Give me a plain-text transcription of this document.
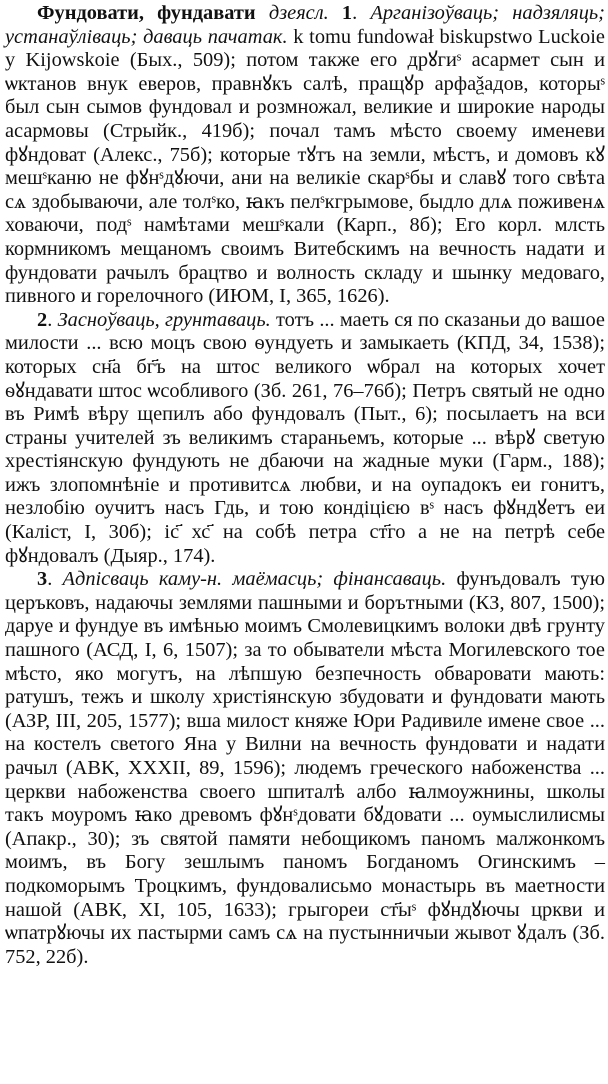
Фундовати, фундавати дзеясл. 1. Арганізоўваць; надзяляць; устанаўліваць; даваць пачатак. k tomu fundował biskupstwo Luckoie y Kijowskoie (Бых., 509); потом также его дрꙋгиˢ асармет сын и ѡктанов внук еверов, правнꙋкъ салѣ, пращꙋр арфаѯадов, которыˢ был сын сымов фундовал и розмножал, великие и широкие народы асармовы (Стрыйк., 419б); почал тамъ мѣсто своему именеви фꙋндоват (Алекс., 75б); которые тꙋтъ на земли, мѣстъ, и домовъ кꙋ мешˢканю не фꙋнˢдꙋючи, ани на великіе скарˢбы и славꙋ того свѣта сѧ здобываючи, але толˢко, ꙗкъ пелˢкгрымове, быдло длѧ поживенѧ ховаючи, подˢ намѣтами мешˢкали (Карп., 8б); Его корл. млсть кормникомъ мещаномъ своимъ Витебскимъ на вечность надати и фундовати рачылъ брацтво и волность складу и шынку медоваго, пивного и горелочного (ИЮМ, I, 365, 1626).

2. Засноўваць, грунтаваць. тотъ ... маеть ся по сказаньи до вашое милости ... всю моцъ свою ѳундуеть и замыкаеть (КПД, 34, 1538); которых сн҃а бг҃ъ на штоc великого ѡбрал на которых хочет ѳꙋндавати штоc ѡсобливого (Зб. 261, 76–76б); Петръ святый не одно въ Римѣ вѣру щепилъ або фундовалъ (Пыт., 6); посылаетъ на вси страны учителей зъ великимъ стараньемъ, которые ... вѣрꙋ светую хрестіянскую фундують не дбаючи на жадные муки (Гарм., 188); ижъ злопомнѣніе и противитсѧ любви, и на оупадокъ еи гонитъ, незлобію оучитъ насъ Гдь, и тою кондіцією вˢ насъ фꙋндꙋетъ еи (Каліст, I, 30б); іс҃ хс҃ на собѣ петра ст҃го а не на петрѣ себе фꙋндовалъ (Дыяр., 174).

3. Адпісваць каму-н. маёмасць; фінансаваць. фунъдовалъ тую церъковъ, надаючы землями пашными и борътными (КЗ, 807, 1500); даруе и фундуе въ имѣнью моимъ Смолевицкимъ волоки двѣ грунту пашного (АСД, I, 6, 1507); за то обыватели мѣста Могилевского тое мѣсто, яко могутъ, на лѣпшую безпечность обваровати мають: ратушъ, тежъ и школу христіянскую збудовати и фундовати мають (АЗР, III, 205, 1577); вша милост княже Юри Радивиле имене свое ... на костелъ светого Яна у Вилни на вечность фундовати и надати рачыл (АВК, XXXII, 89, 1596); людемъ греческого набоженства ... церкви набоженства своего шпиталѣ албо ꙗлмоужнины, школы такъ моуромъ ꙗко древомъ фꙋнˢдовати бꙋдовати ... оумыслилисмы (Апакр., 30); зъ святой памяти небощикомъ паномъ малжонкомъ моимъ, въ Богу зешлымъ паномъ Богданомъ Огинскимъ – подкоморымъ Троцкимъ, фундовалисьмо монастырь въ маетности нашой (АВК, XI, 105, 1633); грыгореи ст҃ыˢ фꙋндꙋючы цркви и ѡпатрꙋючы их пастырми самъ сѧ на пустынничыи жывот ꙋдалъ (Зб. 752, 22б).
